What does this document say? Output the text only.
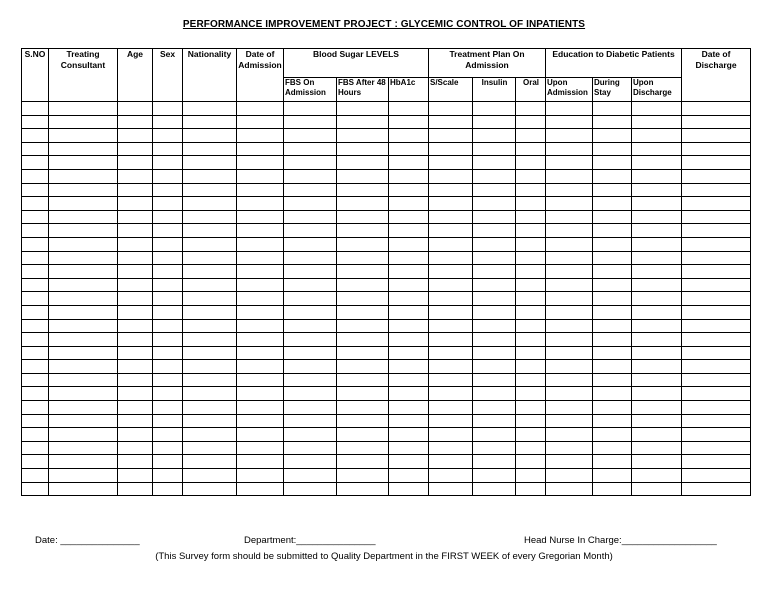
PERFORMANCE IMPROVEMENT PROJECT : GLYCEMIC CONTROL OF INPATIENTS
S.NO	Treating Consultant	Age	Sex	Nationality	Date of Admission	Blood Sugar LEVELS			Treatment Plan On Admission			Education to Diabetic Patients			Date of Discharge
						FBS On Admission	FBS After 48 Hours	HbA1c	S/Scale	Insulin	Oral	Upon Admission	During Stay	Upon Discharge	

Date: _______________	Department:_______________	Head Nurse In Charge:__________________
(This Survey form should be submitted to Quality Department in the FIRST WEEK of every Gregorian Month)
